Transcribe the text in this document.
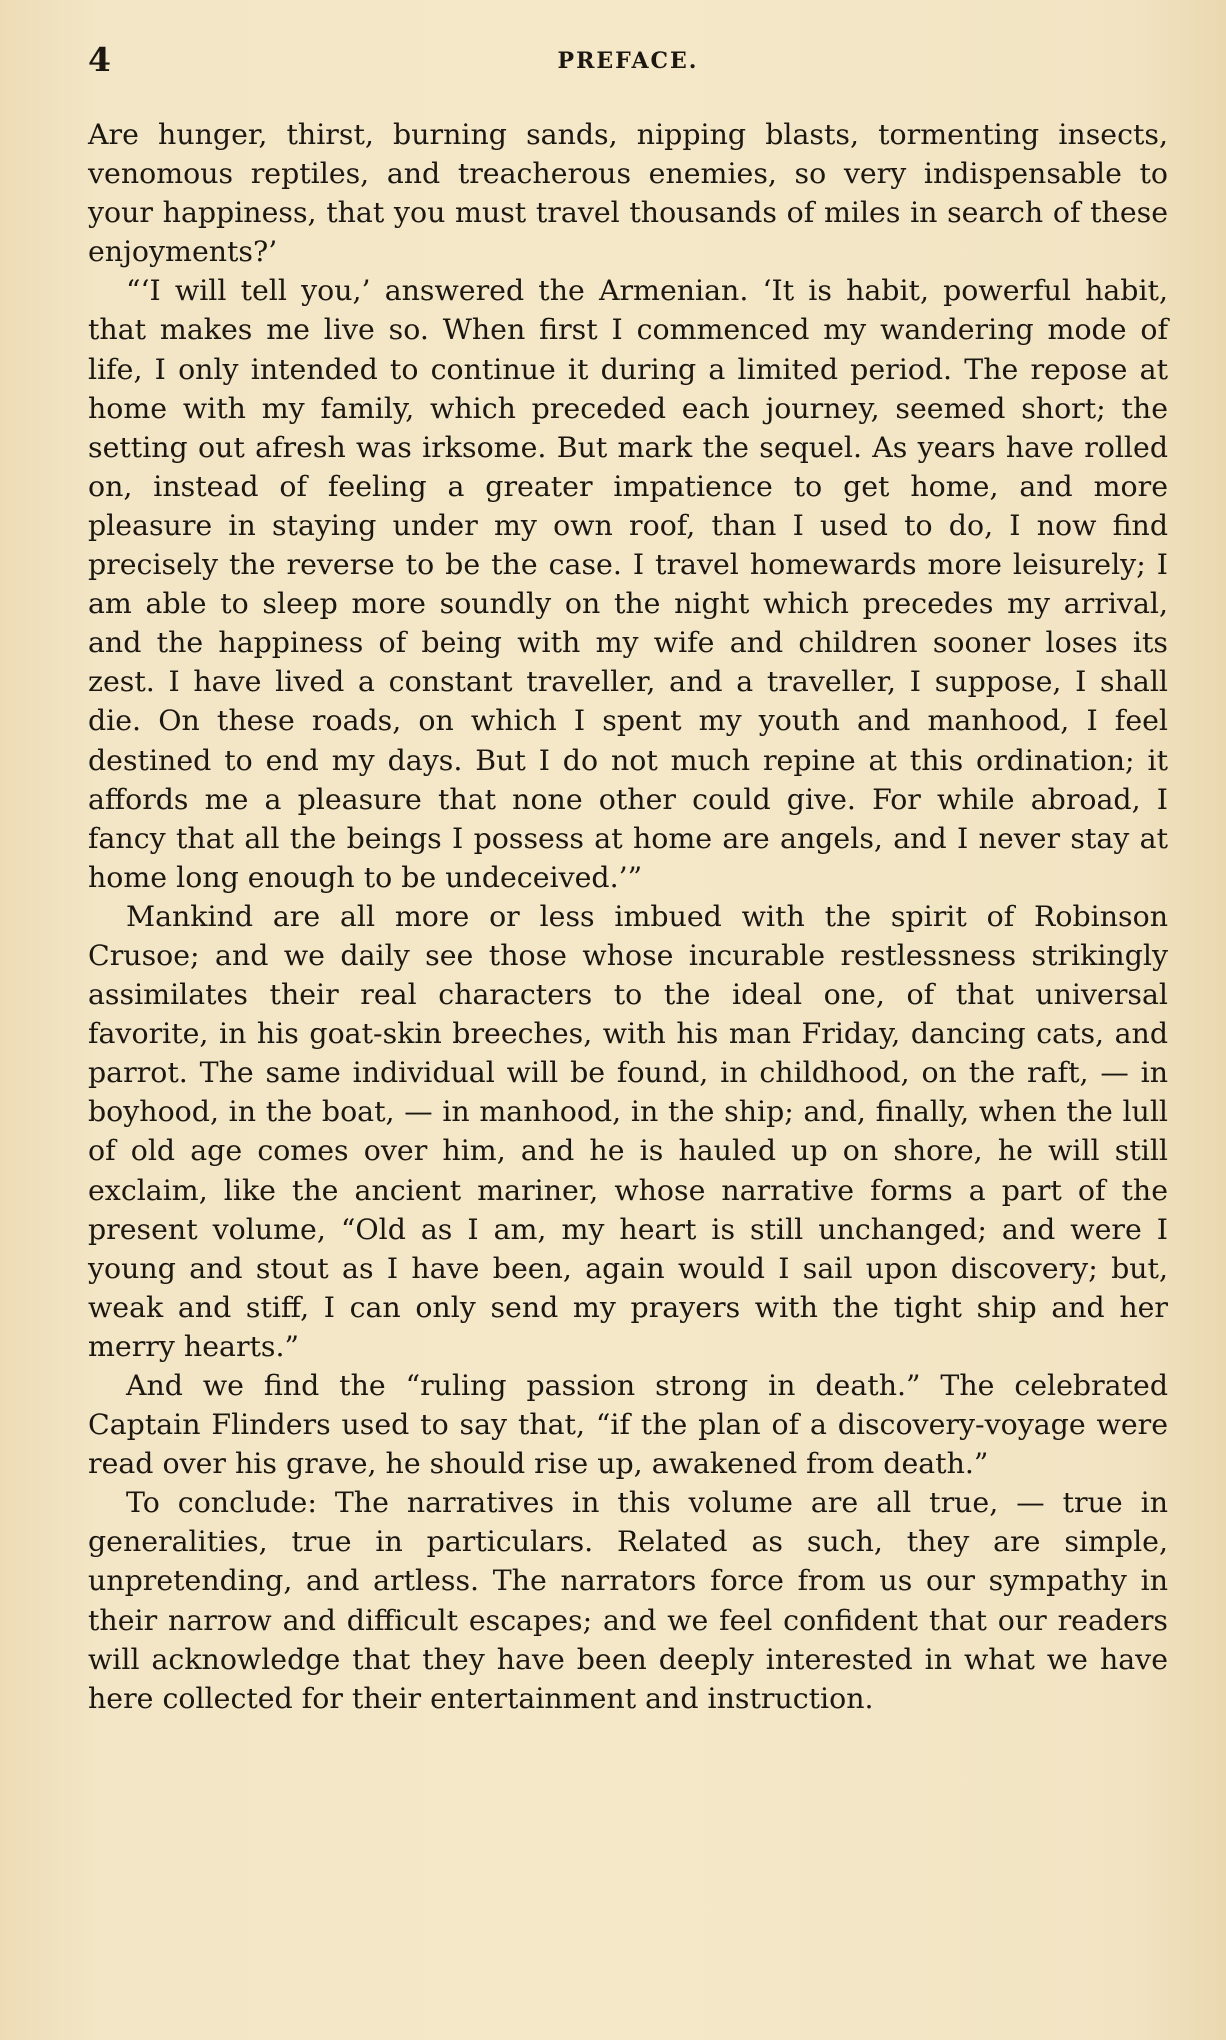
4	PREFACE.

Are hunger, thirst, burning sands, nipping blasts, tormenting insects, venomous reptiles, and treacherous enemies, so very indispensable to your happiness, that you must travel thousands of miles in search of these enjoyments?’

“‘I will tell you,’ answered the Armenian. ‘It is habit, powerful habit, that makes me live so. When first I commenced my wandering mode of life, I only intended to continue it during a limited period. The repose at home with my family, which preceded each journey, seemed short; the setting out afresh was irksome. But mark the sequel. As years have rolled on, instead of feeling a greater impatience to get home, and more pleasure in staying under my own roof, than I used to do, I now find precisely the reverse to be the case. I travel homewards more leisurely; I am able to sleep more soundly on the night which precedes my arrival, and the happiness of being with my wife and children sooner loses its zest. I have lived a constant traveller, and a traveller, I suppose, I shall die. On these roads, on which I spent my youth and manhood, I feel destined to end my days. But I do not much repine at this ordination; it affords me a pleasure that none other could give. For while abroad, I fancy that all the beings I possess at home are angels, and I never stay at home long enough to be undeceived.’”

Mankind are all more or less imbued with the spirit of Robinson Crusoe; and we daily see those whose incurable restlessness strikingly assimilates their real characters to the ideal one, of that universal favorite, in his goat-skin breeches, with his man Friday, dancing cats, and parrot. The same individual will be found, in childhood, on the raft, — in boyhood, in the boat, — in manhood, in the ship; and, finally, when the lull of old age comes over him, and he is hauled up on shore, he will still exclaim, like the ancient mariner, whose narrative forms a part of the present volume, “Old as I am, my heart is still unchanged; and were I young and stout as I have been, again would I sail upon discovery; but, weak and stiff, I can only send my prayers with the tight ship and her merry hearts.”

And we find the “ruling passion strong in death.” The celebrated Captain Flinders used to say that, “if the plan of a discovery-voyage were read over his grave, he should rise up, awakened from death.”

To conclude: The narratives in this volume are all true, — true in generalities, true in particulars. Related as such, they are simple, unpretending, and artless. The narrators force from us our sympathy in their narrow and difficult escapes; and we feel confident that our readers will acknowledge that they have been deeply interested in what we have here collected for their entertainment and instruction.
